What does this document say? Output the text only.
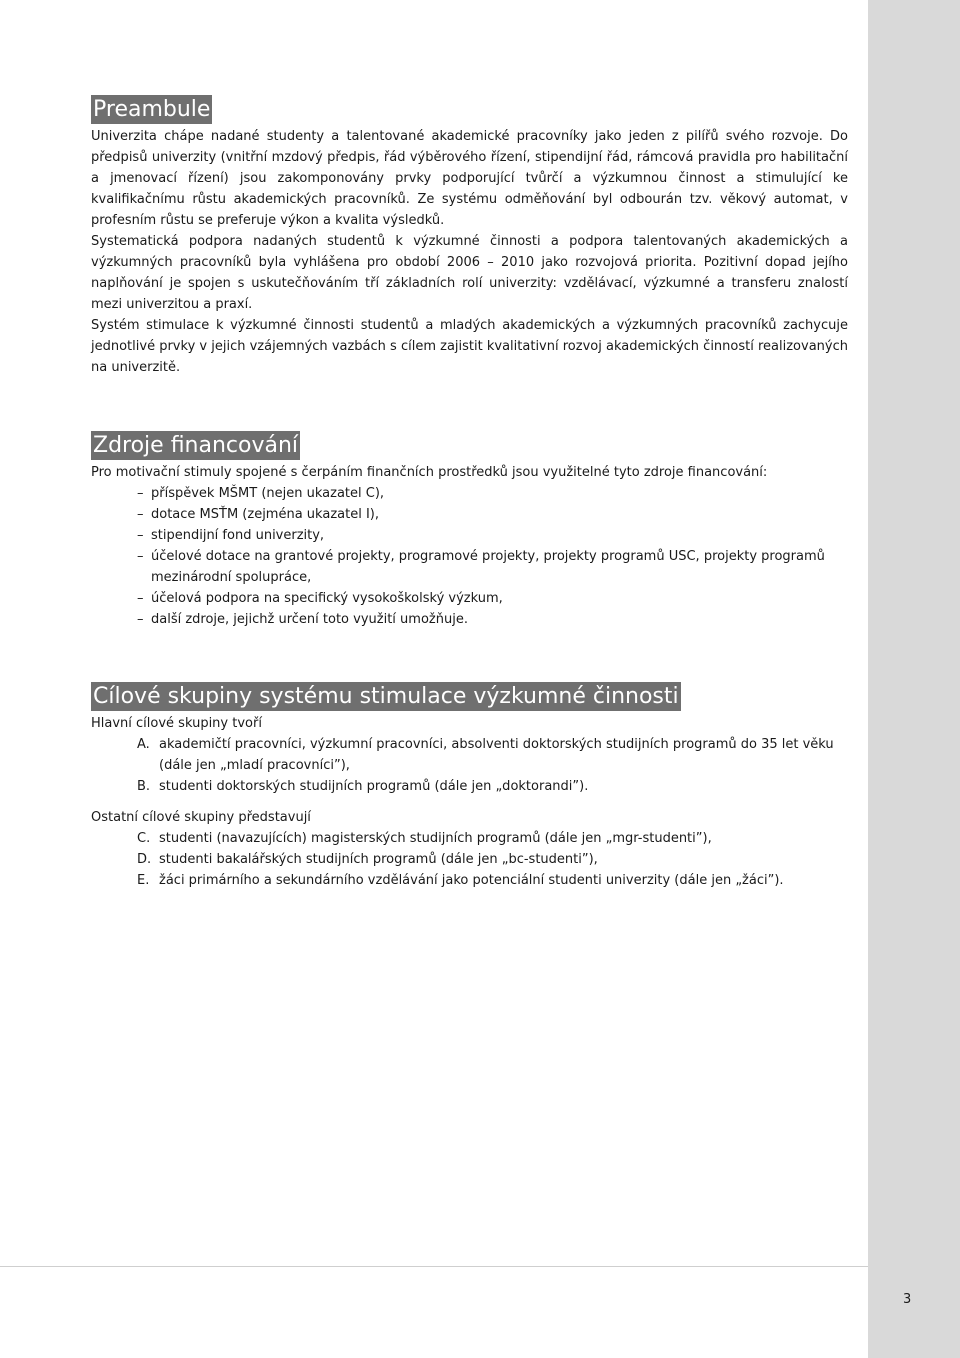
3
Preambule

Univerzita chápe nadané studenty a talentované akademické pracovníky jako jeden z pilířů svého rozvoje. Do předpisů univerzity (vnitřní mzdový předpis, řád výběrového řízení, stipendijní řád, rámcová pravidla pro habilitační a jmenovací řízení) jsou zakomponovány prvky podporující tvůrčí a výzkumnou činnost a stimulující ke kvalifikačnímu růstu akademických pracovníků. Ze systému odměňování byl odbourán tzv. věkový automat, v profesním růstu se preferuje výkon a kvalita výsledků.

Systematická podpora nadaných studentů k výzkumné činnosti a podpora talentovaných akademických a výzkumných pracovníků byla vyhlášena pro období 2006 – 2010 jako rozvojová priorita. Pozitivní dopad jejího naplňování je spojen s uskutečňováním tří základních rolí univerzity: vzdělávací, výzkumné a transferu znalostí mezi univerzitou a praxí.

Systém stimulace k výzkumné činnosti studentů a mladých akademických a výzkumných pracovníků zachycuje jednotlivé prvky v jejich vzájemných vazbách s cílem zajistit kvalitativní rozvoj akademických činností realizovaných na univerzitě.

Zdroje financování

Pro motivační stimuly spojené s čerpáním finančních prostředků jsou využitelné tyto zdroje financování:

– příspěvek MŠMT (nejen ukazatel C),
– dotace MSŤM (zejména ukazatel I),
– stipendijní fond univerzity,
– účelové dotace na grantové projekty, programové projekty, projekty programů USC, projekty programů mezinárodní spolupráce,
– účelová podpora na specifický vysokoškolský výzkum,
– další zdroje, jejichž určení toto využití umožňuje.
Cílové skupiny systému stimulace výzkumné činnosti

Hlavní cílové skupiny tvoří

A. akademičtí pracovníci, výzkumní pracovníci, absolventi doktorských studijních programů do 35 let věku (dále jen „mladí pracovníci”),
B. studenti doktorských studijních programů (dále jen „doktorandi”).

Ostatní cílové skupiny představují

C. studenti (navazujících) magisterských studijních programů (dále jen „mgr-studenti”),
D. studenti bakalářských studijních programů (dále jen „bc-studenti”),
E. žáci primárního a sekundárního vzdělávání jako potenciální studenti univerzity (dále jen „žáci”).
